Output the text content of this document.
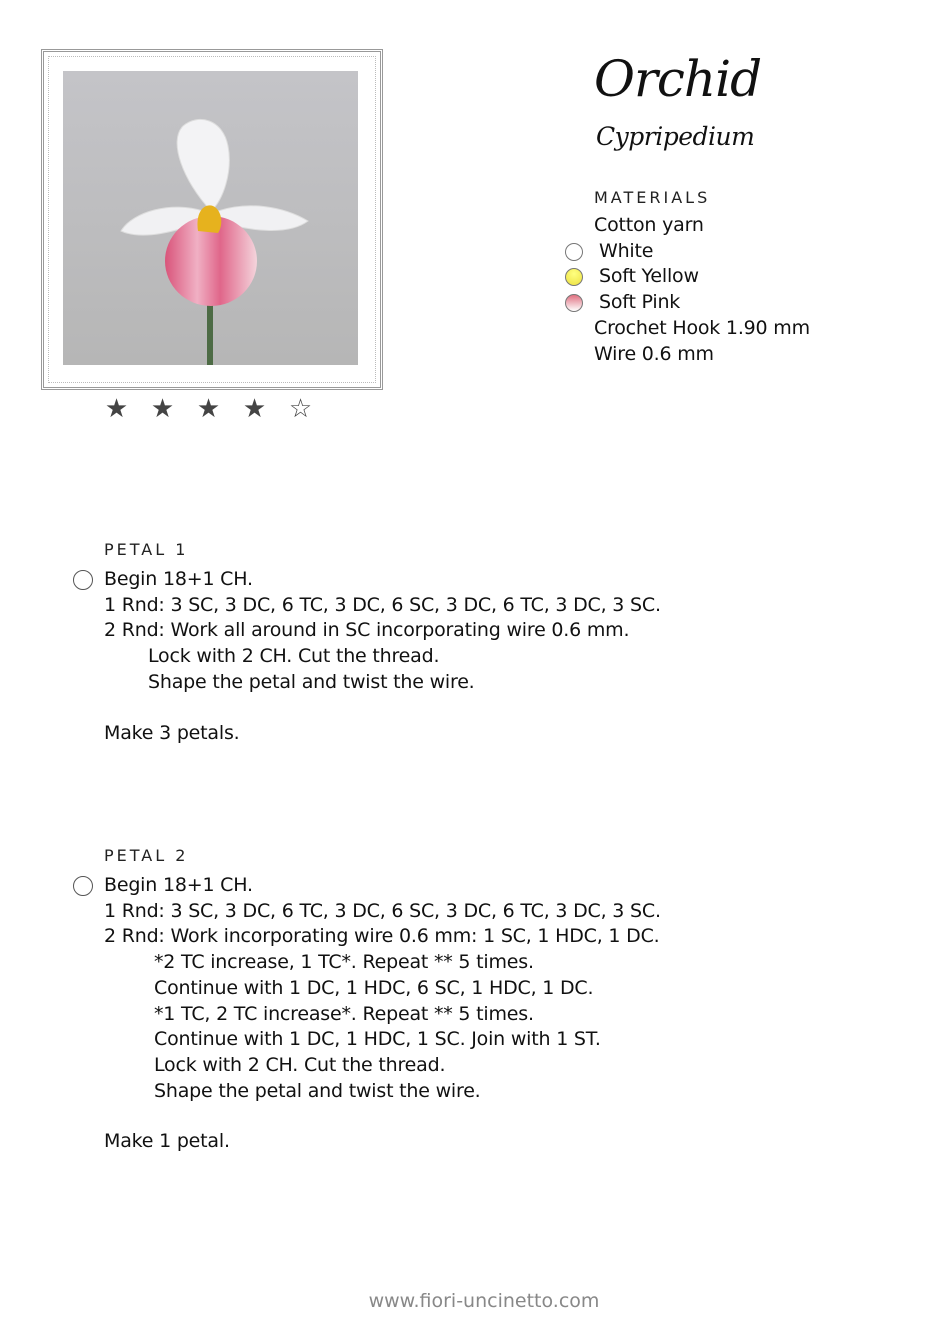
★ ★ ★ ★ ☆
Orchid
Cypripedium
MATERIALS
Cotton yarn
White
Soft Yellow
Soft Pink
Crochet Hook 1.90 mm
Wire 0.6 mm
PETAL 1
Begin 18+1 CH.
1 Rnd: 3 SC, 3 DC, 6 TC, 3 DC, 6 SC, 3 DC, 6 TC, 3 DC, 3 SC.
2 Rnd: Work all around in SC incorporating wire 0.6 mm.
Lock with 2 CH. Cut the thread.
Shape the petal and twist the wire.
Make 3 petals.
PETAL 2
Begin 18+1 CH.
1 Rnd: 3 SC, 3 DC, 6 TC, 3 DC, 6 SC, 3 DC, 6 TC, 3 DC, 3 SC.
2 Rnd: Work incorporating wire 0.6 mm: 1 SC, 1 HDC, 1 DC.
*2 TC increase, 1 TC*. Repeat ** 5 times.
Continue with 1 DC, 1 HDC, 6 SC, 1 HDC, 1 DC.
*1 TC, 2 TC increase*. Repeat ** 5 times.
Continue with 1 DC, 1 HDC, 1 SC. Join with 1 ST.
Lock with 2 CH. Cut the thread.
Shape the petal and twist the wire.
Make 1 petal.
www.fiori-uncinetto.com
